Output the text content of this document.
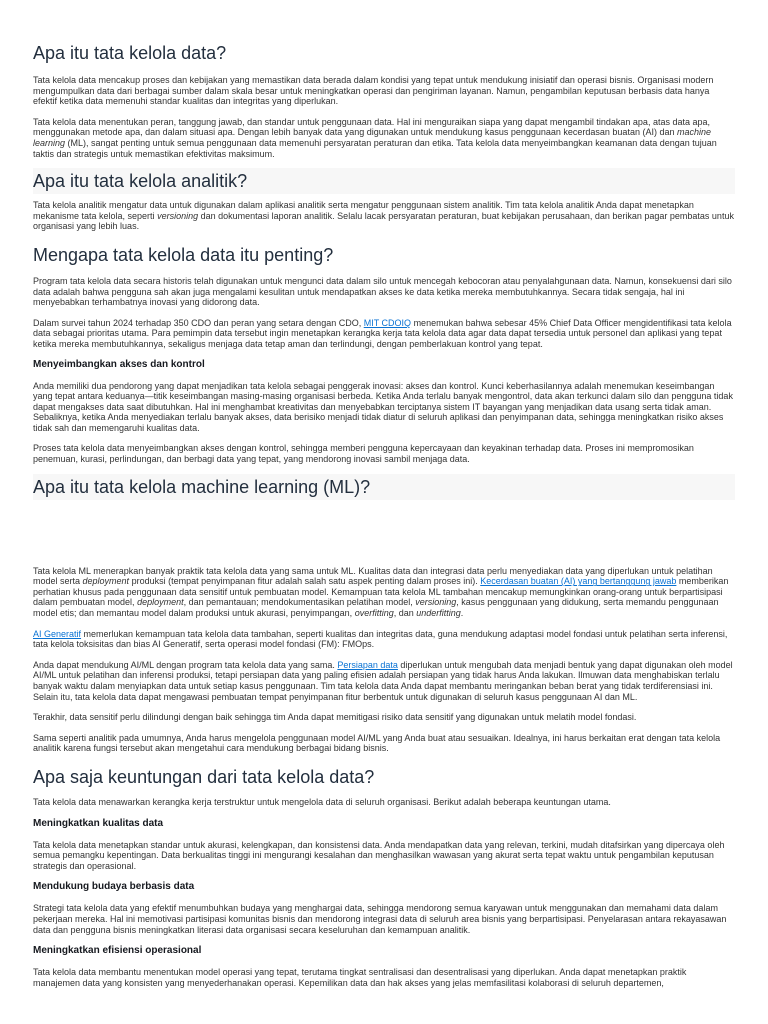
Apa itu tata kelola data?

Tata kelola data mencakup proses dan kebijakan yang memastikan data berada dalam kondisi yang tepat untuk mendukung inisiatif dan operasi bisnis. Organisasi modern mengumpulkan data dari berbagai sumber dalam skala besar untuk meningkatkan operasi dan pengiriman layanan. Namun, pengambilan keputusan berbasis data hanya efektif ketika data memenuhi standar kualitas dan integritas yang diperlukan.

Tata kelola data menentukan peran, tanggung jawab, dan standar untuk penggunaan data. Hal ini menguraikan siapa yang dapat mengambil tindakan apa, atas data apa, menggunakan metode apa, dan dalam situasi apa. Dengan lebih banyak data yang digunakan untuk mendukung kasus penggunaan kecerdasan buatan (AI) dan machine learning (ML), sangat penting untuk semua penggunaan data memenuhi persyaratan peraturan dan etika. Tata kelola data menyeimbangkan keamanan data dengan tujuan taktis dan strategis untuk memastikan efektivitas maksimum.

Apa itu tata kelola analitik?

Tata kelola analitik mengatur data untuk digunakan dalam aplikasi analitik serta mengatur penggunaan sistem analitik. Tim tata kelola analitik Anda dapat menetapkan mekanisme tata kelola, seperti versioning dan dokumentasi laporan analitik. Selalu lacak persyaratan peraturan, buat kebijakan perusahaan, dan berikan pagar pembatas untuk organisasi yang lebih luas.

Mengapa tata kelola data itu penting?

Program tata kelola data secara historis telah digunakan untuk mengunci data dalam silo untuk mencegah kebocoran atau penyalahgunaan data. Namun, konsekuensi dari silo data adalah bahwa pengguna sah akan juga mengalami kesulitan untuk mendapatkan akses ke data ketika mereka membutuhkannya. Secara tidak sengaja, hal ini menyebabkan terhambatnya inovasi yang didorong data.

Dalam survei tahun 2024 terhadap 350 CDO dan peran yang setara dengan CDO, MIT CDOIQ menemukan bahwa sebesar 45% Chief Data Officer mengidentifikasi tata kelola data sebagai prioritas utama. Para pemimpin data tersebut ingin menetapkan kerangka kerja tata kelola data agar data dapat tersedia untuk personel dan aplikasi yang tepat ketika mereka membutuhkannya, sekaligus menjaga data tetap aman dan terlindungi, dengan pemberlakuan kontrol yang tepat.

Menyeimbangkan akses dan kontrol

Anda memiliki dua pendorong yang dapat menjadikan tata kelola sebagai penggerak inovasi: akses dan kontrol. Kunci keberhasilannya adalah menemukan keseimbangan yang tepat antara keduanya—titik keseimbangan masing-masing organisasi berbeda. Ketika Anda terlalu banyak mengontrol, data akan terkunci dalam silo dan pengguna tidak dapat mengakses data saat dibutuhkan. Hal ini menghambat kreativitas dan menyebabkan terciptanya sistem IT bayangan yang menjadikan data usang serta tidak aman. Sebaliknya, ketika Anda menyediakan terlalu banyak akses, data berisiko menjadi tidak diatur di seluruh aplikasi dan penyimpanan data, sehingga meningkatkan risiko akses tidak sah dan memengaruhi kualitas data.

Proses tata kelola data menyeimbangkan akses dengan kontrol, sehingga memberi pengguna kepercayaan dan keyakinan terhadap data. Proses ini mempromosikan penemuan, kurasi, perlindungan, dan berbagi data yang tepat, yang mendorong inovasi sambil menjaga data.

Apa itu tata kelola machine learning (ML)?

Tata kelola ML menerapkan banyak praktik tata kelola data yang sama untuk ML. Kualitas data dan integrasi data perlu menyediakan data yang diperlukan untuk pelatihan model serta deployment produksi (tempat penyimpanan fitur adalah salah satu aspek penting dalam proses ini). Kecerdasan buatan (AI) yang bertanggung jawab memberikan perhatian khusus pada penggunaan data sensitif untuk pembuatan model. Kemampuan tata kelola ML tambahan mencakup memungkinkan orang-orang untuk berpartisipasi dalam pembuatan model, deployment, dan pemantauan; mendokumentasikan pelatihan model, versioning, kasus penggunaan yang didukung, serta memandu penggunaan model etis; dan memantau model dalam produksi untuk akurasi, penyimpangan, overfitting, dan underfitting.

AI Generatif memerlukan kemampuan tata kelola data tambahan, seperti kualitas dan integritas data, guna mendukung adaptasi model fondasi untuk pelatihan serta inferensi, tata kelola toksisitas dan bias AI Generatif, serta operasi model fondasi (FM): FMOps.

Anda dapat mendukung AI/ML dengan program tata kelola data yang sama. Persiapan data diperlukan untuk mengubah data menjadi bentuk yang dapat digunakan oleh model AI/ML untuk pelatihan dan inferensi produksi, tetapi persiapan data yang paling efisien adalah persiapan yang tidak harus Anda lakukan. Ilmuwan data menghabiskan terlalu banyak waktu dalam menyiapkan data untuk setiap kasus penggunaan. Tim tata kelola data Anda dapat membantu meringankan beban berat yang tidak terdiferensiasi ini. Selain itu, tata kelola data dapat mengawasi pembuatan tempat penyimpanan fitur berbentuk untuk digunakan di seluruh kasus penggunaan AI dan ML.

Terakhir, data sensitif perlu dilindungi dengan baik sehingga tim Anda dapat memitigasi risiko data sensitif yang digunakan untuk melatih model fondasi.

Sama seperti analitik pada umumnya, Anda harus mengelola penggunaan model AI/ML yang Anda buat atau sesuaikan. Idealnya, ini harus berkaitan erat dengan tata kelola analitik karena fungsi tersebut akan mengetahui cara mendukung berbagai bidang bisnis.

Apa saja keuntungan dari tata kelola data?

Tata kelola data menawarkan kerangka kerja terstruktur untuk mengelola data di seluruh organisasi. Berikut adalah beberapa keuntungan utama.

Meningkatkan kualitas data

Tata kelola data menetapkan standar untuk akurasi, kelengkapan, dan konsistensi data. Anda mendapatkan data yang relevan, terkini, mudah ditafsirkan yang dipercaya oleh semua pemangku kepentingan. Data berkualitas tinggi ini mengurangi kesalahan dan menghasilkan wawasan yang akurat serta tepat waktu untuk pengambilan keputusan strategis dan operasional.

Mendukung budaya berbasis data

Strategi tata kelola data yang efektif menumbuhkan budaya yang menghargai data, sehingga mendorong semua karyawan untuk menggunakan dan memahami data dalam pekerjaan mereka. Hal ini memotivasi partisipasi komunitas bisnis dan mendorong integrasi data di seluruh area bisnis yang berpartisipasi. Penyelarasan antara rekayasawan data dan pengguna bisnis meningkatkan literasi data organisasi secara keseluruhan dan kemampuan analitik.

Meningkatkan efisiensi operasional

Tata kelola data membantu menentukan model operasi yang tepat, terutama tingkat sentralisasi dan desentralisasi yang diperlukan. Anda dapat menetapkan praktik manajemen data yang konsisten yang menyederhanakan operasi. Kepemilikan data dan hak akses yang jelas memfasilitasi kolaborasi di seluruh departemen,
